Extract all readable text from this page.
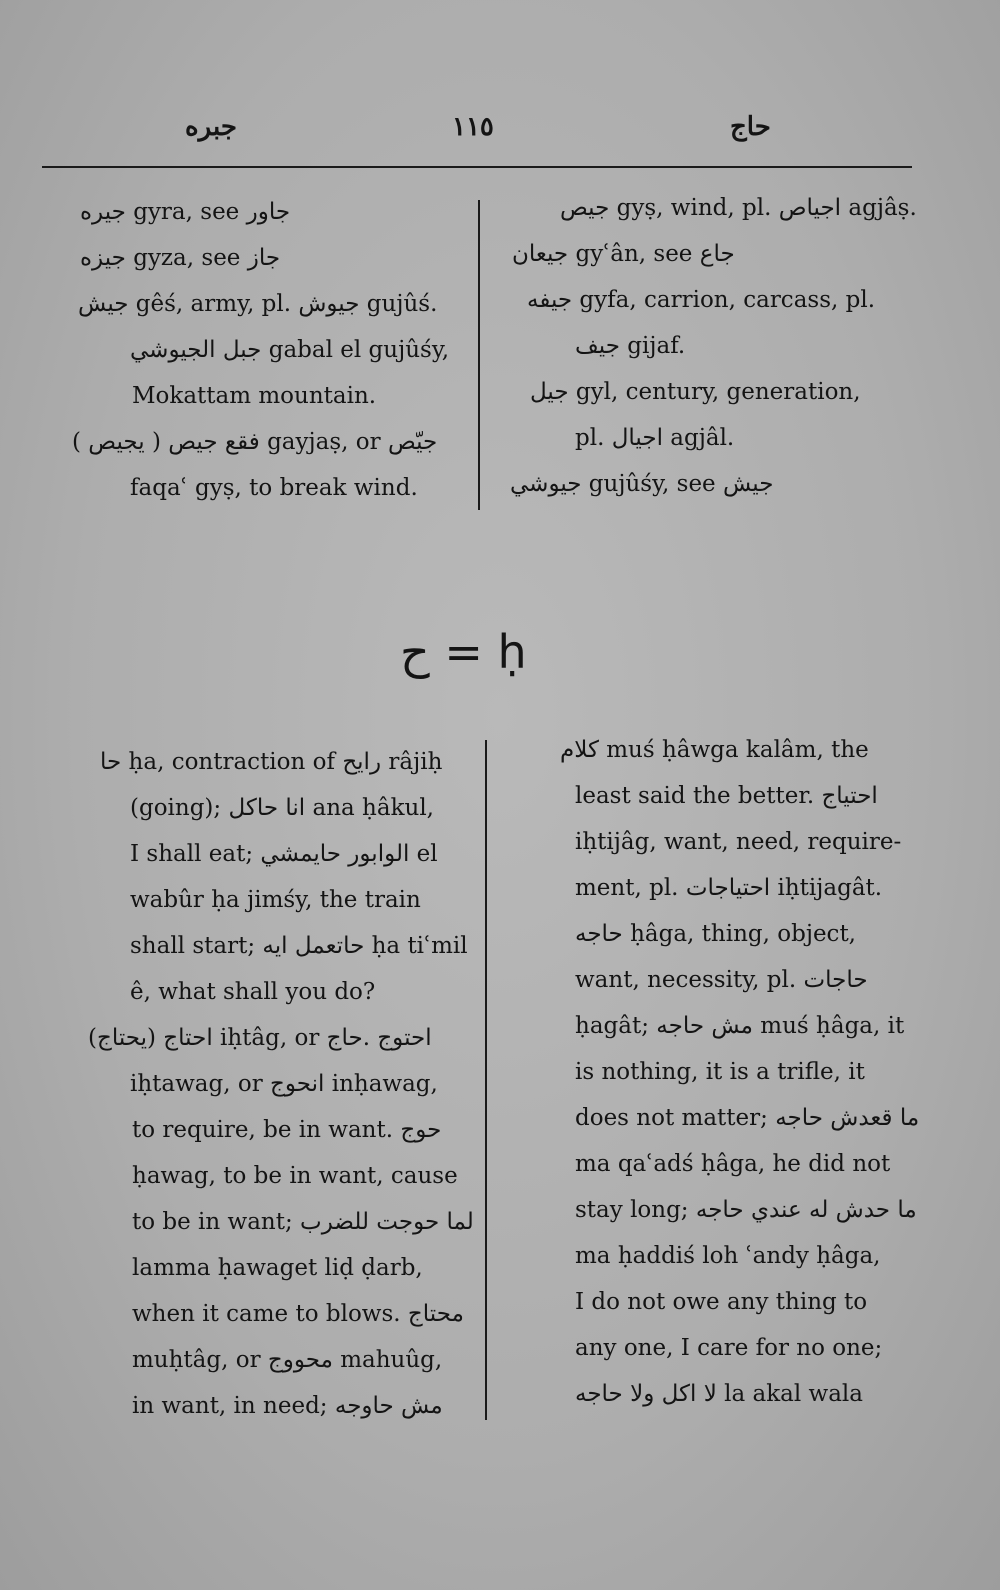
جبره	١١٥	حاج
جيره gyra, see جاور
جيزه gyza, see جاز
جيش gêś, army, pl. جيوش gujûś.
جبل الجيوشي gabal el gujûśy,
Mokattam mountain.
فقع جيص ( يجيص ) gayjaṣ, or جيّص
faqaʿ gyṣ, to break wind.
جيص gyṣ, wind, pl. اجياص agjâṣ.
جيعان gyʿân, see جاع
جيفه gyfa, carrion, carcass, pl.
جيف gijaf.
جيل gyl, century, generation,
pl. اجيال agjâl.
جيوشي gujûśy, see جيش
ح = ḥ
حا ḥa, contraction of رايح râjiḥ
(going); انا حاكل ana ḥâkul,
I shall eat; الوابور حايمشي el
wabûr ḥa jimśy, the train
shall start; حاتعمل ايه ḥa tiʿmil
ê, what shall you do?
احتاج (يحتاج) iḥtâg, or احتوج .حاج
iḥtawag, or انحوج inḥawag,
to require, be in want. حوج
ḥawag, to be in want, cause
to be in want; لما حوجت للضرب
lamma ḥawaget liḍ ḍarb,
when it came to blows. محتاج
muḥtâg, or محووج mahuûg,
in want, in need; مش حاوجه
كلام muś ḥâwga kalâm, the
least said the better. احتياج
iḥtijâg, want, need, require-
ment, pl. احتياجات iḥtijagât.
حاجه ḥâga, thing, object,
want, necessity, pl. حاجات
ḥagât; مش حاجه muś ḥâga, it
is nothing, it is a trifle, it
does not matter; ما قعدش حاجه
ma qaʿadś ḥâga, he did not
stay long; ما حدش له عندي حاجه
ma ḥaddiś loh ʿandy ḥâga,
I do not owe any thing to
any one, I care for no one;
لا اكل ولا حاجه la akal wala
